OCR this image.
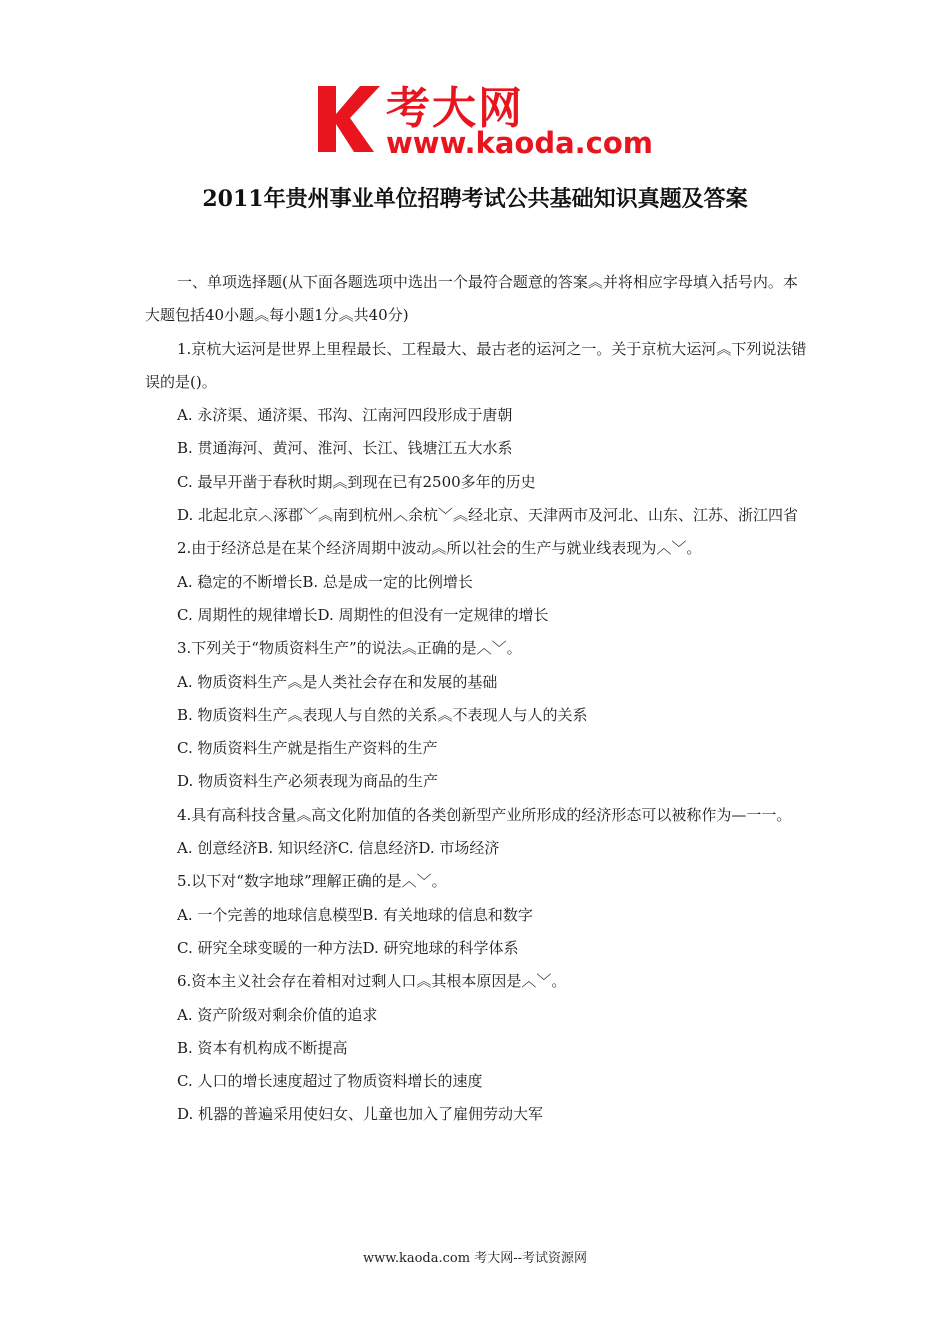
考大网
www.kaoda.com
2011年贵州事业单位招聘考试公共基础知识真题及答案

一、单项选择题(从下面各题选项中选出一个最符合题意的答案︽并将相应字母填入括号内。本大题包括40小题︽每小题1分︽共40分)

1.京杭大运河是世界上里程最长、工程最大、最古老的运河之一。关于京杭大运河︽下列说法错误的是()。

A. 永济渠、通济渠、邗沟、江南河四段形成于唐朝

B. 贯通海河、黄河、淮河、长江、钱塘江五大水系

C. 最早开凿于春秋时期︽到现在已有2500多年的历史

D. 北起北京︿涿郡﹀︽南到杭州︿余杭﹀︽经北京、天津两市及河北、山东、江苏、浙江四省

2.由于经济总是在某个经济周期中波动︽所以社会的生产与就业线表现为︿﹀。

A. 稳定的不断增长B. 总是成一定的比例增长

C. 周期性的规律增长D. 周期性的但没有一定规律的增长

3.下列关于“物质资料生产”的说法︽正确的是︿﹀。

A. 物质资料生产︽是人类社会存在和发展的基础

B. 物质资料生产︽表现人与自然的关系︽不表现人与人的关系

C. 物质资料生产就是指生产资料的生产

D. 物质资料生产必须表现为商品的生产

4.具有高科技含量︽高文化附加值的各类创新型产业所形成的经济形态可以被称作为—一一。

A. 创意经济B. 知识经济C. 信息经济D. 市场经济

5.以下对“数字地球”理解正确的是︿﹀。

A. 一个完善的地球信息模型B. 有关地球的信息和数字

C. 研究全球变暖的一种方法D. 研究地球的科学体系

6.资本主义社会存在着相对过剩人口︽其根本原因是︿﹀。

A. 资产阶级对剩余价值的追求

B. 资本有机构成不断提高

C. 人口的增长速度超过了物质资料增长的速度

D. 机器的普遍采用使妇女、儿童也加入了雇佣劳动大军

www.kaoda.com 考大网--考试资源网
